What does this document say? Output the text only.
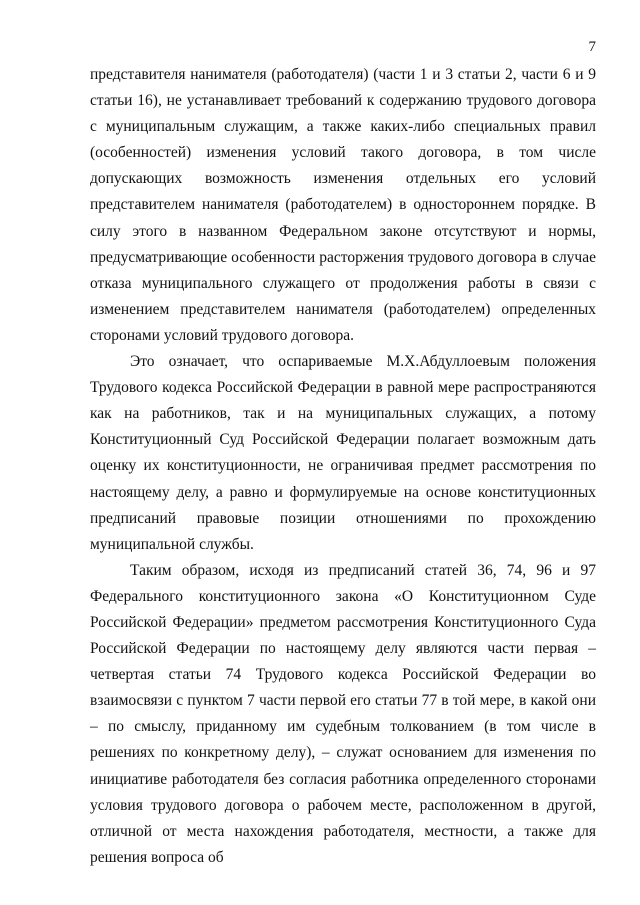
7

представителя нанимателя (работодателя) (части 1 и 3 статьи 2, части 6 и 9 статьи 16), не устанавливает требований к содержанию трудового договора с муниципальным служащим, а также каких-либо специальных правил (особенностей) изменения условий такого договора, в том числе допускающих возможность изменения отдельных его условий представителем нанимателя (работодателем) в одностороннем порядке. В силу этого в названном Федеральном законе отсутствуют и нормы, предусматривающие особенности расторжения трудового договора в случае отказа муниципального служащего от продолжения работы в связи с изменением представителем нанимателя (работодателем) определенных сторонами условий трудового договора.

Это означает, что оспариваемые М.Х.Абдуллоевым положения Трудового кодекса Российской Федерации в равной мере распространяются как на работников, так и на муниципальных служащих, а потому Конституционный Суд Российской Федерации полагает возможным дать оценку их конституционности, не ограничивая предмет рассмотрения по настоящему делу, а равно и формулируемые на основе конституционных предписаний правовые позиции отношениями по прохождению муниципальной службы.

Таким образом, исходя из предписаний статей 36, 74, 96 и 97 Федерального конституционного закона «О Конституционном Суде Российской Федерации» предметом рассмотрения Конституционного Суда Российской Федерации по настоящему делу являются части первая – четвертая статьи 74 Трудового кодекса Российской Федерации во взаимосвязи с пунктом 7 части первой его статьи 77 в той мере, в какой они – по смыслу, приданному им судебным толкованием (в том числе в решениях по конкретному делу), – служат основанием для изменения по инициативе работодателя без согласия работника определенного сторонами условия трудового договора о рабочем месте, расположенном в другой, отличной от места нахождения работодателя, местности, а также для решения вопроса об
